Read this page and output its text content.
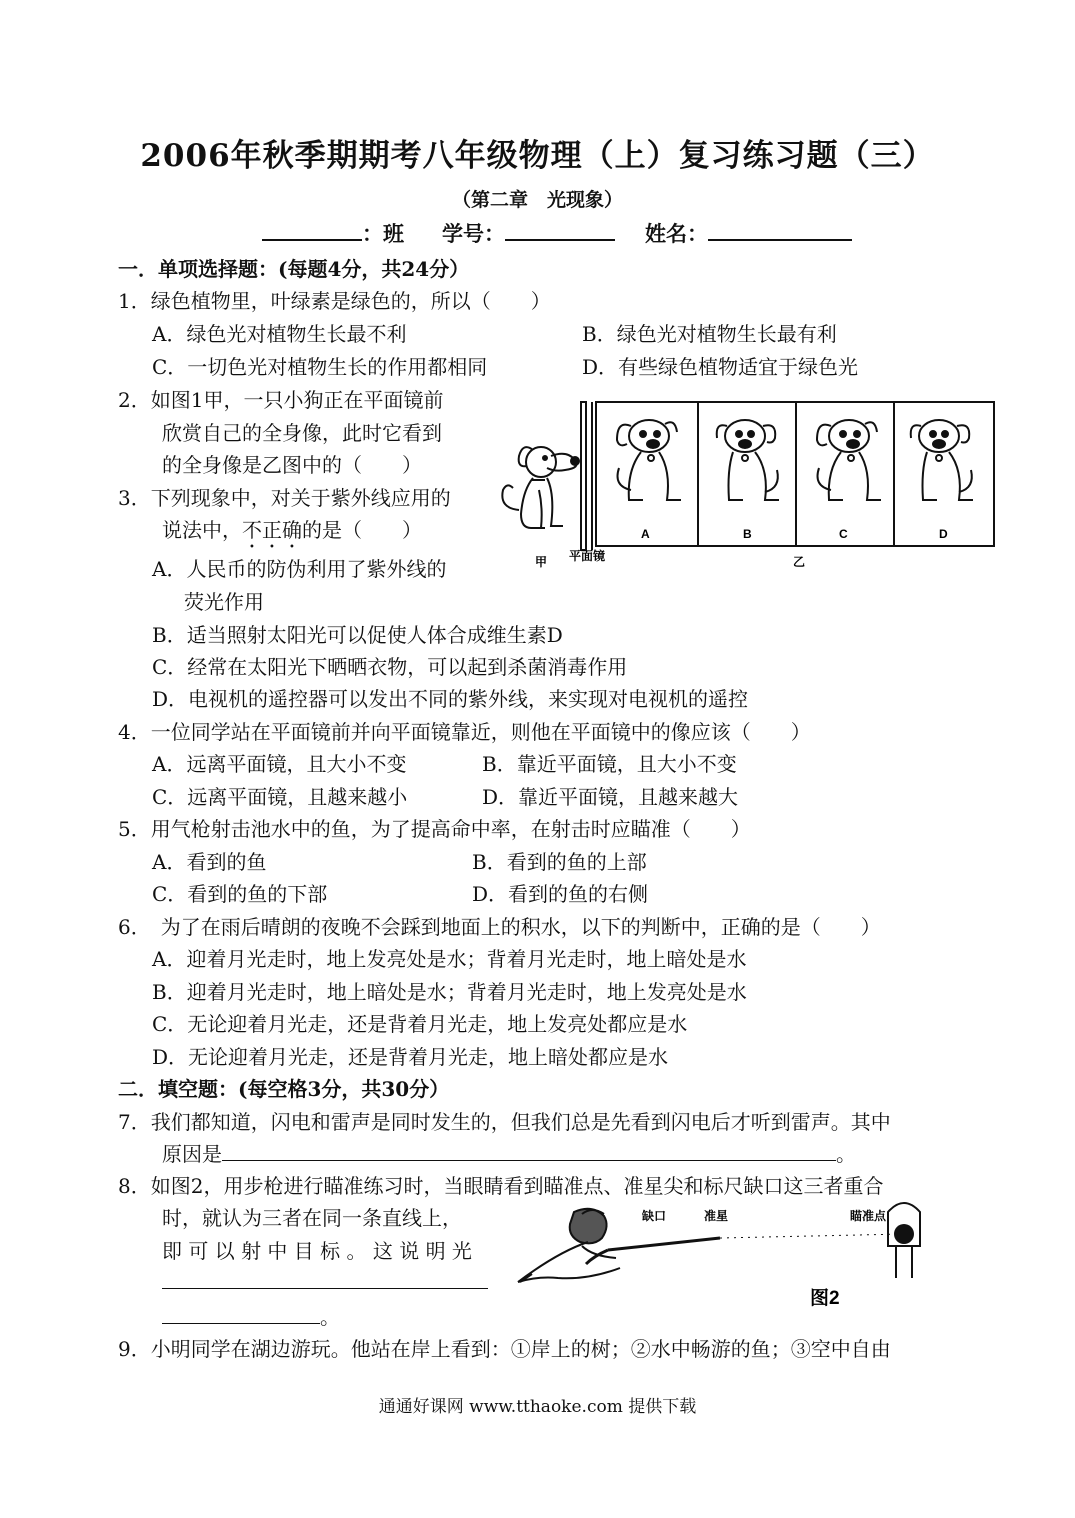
2006年秋季期期考八年级物理（上）复习练习题（三）
（第二章　光现象）
：班 学号：	姓名：
一．单项选择题：(每题4分，共24分）
1．绿色植物里，叶绿素是绿色的，所以（　　）
A．绿色光对植物生长最不利	B．绿色光对植物生长最有利
C．一切色光对植物生长的作用都相同	D．有些绿色植物适宜于绿色光
2．如图1甲，一只小狗正在平面镜前
欣赏自己的全身像，此时它看到
的全身像是乙图中的（　　）
3．下列现象中，对关于紫外线应用的
说法中，不正确的是（　　）
A．人民币的防伪利用了紫外线的
荧光作用
B．适当照射太阳光可以促使人体合成维生素D
C．经常在太阳光下晒晒衣物，可以起到杀菌消毒作用
D．电视机的遥控器可以发出不同的紫外线，来实现对电视机的遥控
4．一位同学站在平面镜前并向平面镜靠近，则他在平面镜中的像应该（　　）
A．远离平面镜，且大小不变	B．靠近平面镜，且大小不变
C．远离平面镜，且越来越小	D．靠近平面镜，且越来越大
5．用气枪射击池水中的鱼，为了提高命中率，在射击时应瞄准（　　）
A．看到的鱼	B．看到的鱼的上部
C．看到的鱼的下部	D．看到的鱼的右侧
6．　为了在雨后晴朗的夜晚不会踩到地面上的积水，以下的判断中，正确的是（　　）
A．迎着月光走时，地上发亮处是水；背着月光走时，地上暗处是水
B．迎着月光走时，地上暗处是水；背着月光走时，地上发亮处是水
C．无论迎着月光走，还是背着月光走，地上发亮处都应是水
D．无论迎着月光走，还是背着月光走，地上暗处都应是水
二．填空题：(每空格3分，共30分）
7．我们都知道，闪电和雷声是同时发生的，但我们总是先看到闪电后才听到雷声。其中
原因是	。
8．如图2，用步枪进行瞄准练习时，当眼睛看到瞄准点、准星尖和标尺缺口这三者重合
时，就认为三者在同一条直线上，
即 可 以 射 中 目 标 。 这 说 明 光
。
9．小明同学在湖边游玩。他站在岸上看到：①岸上的树；②水中畅游的鱼；③空中自由
A	B	C	D
甲 平面镜	乙
缺口	准星	瞄准点
图2
通通好课网 www.tthaoke.com 提供下载
